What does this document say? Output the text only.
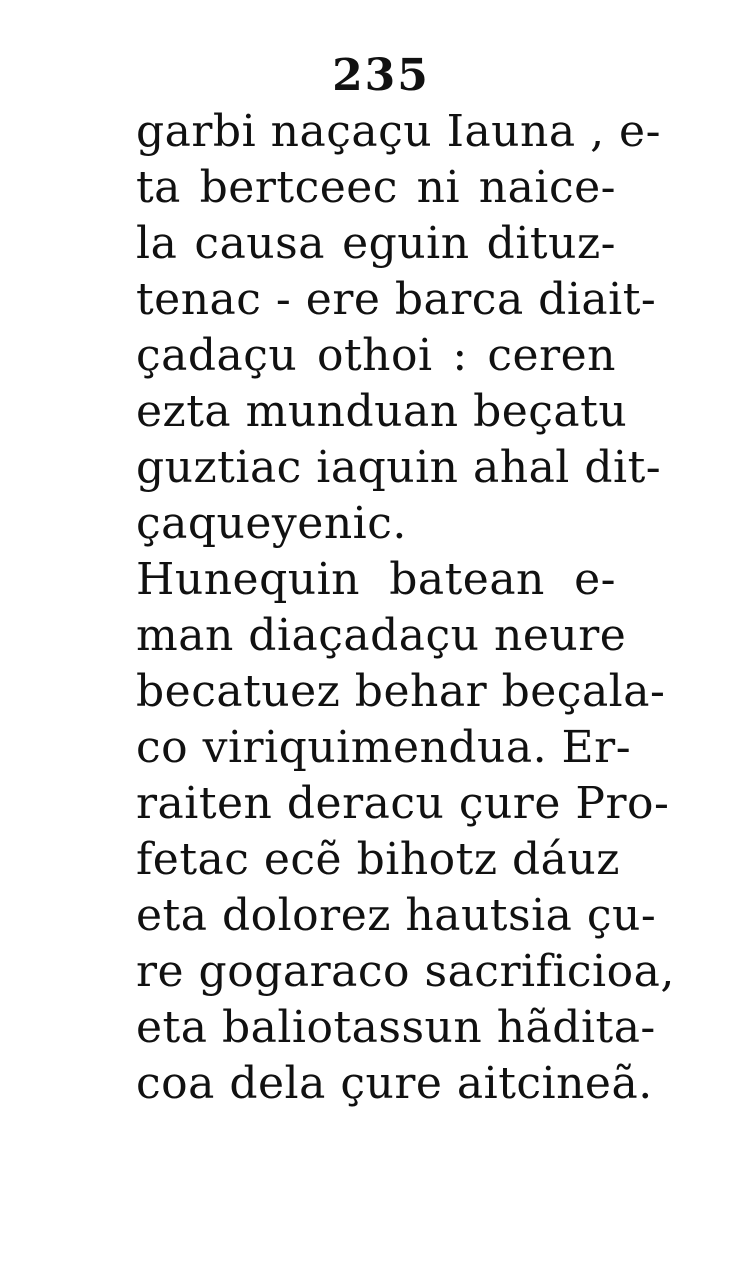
235
garbi naçaçu Iauna , e-
ta bertceec ni naice-
la causa eguin dituz-
tenac - ere barca diait-
çadaçu othoi : ceren
ezta munduan beçatu
guztiac iaquin ahal dit-
çaqueyenic.
Hunequin batean e-
man diaçadaçu neure
becatuez behar beçala-
co viriquimendua. Er-
raiten deracu çure Pro-
fetac ecẽ bihotz dáuz
eta dolorez hautsia çu-
re gogaraco sacrificioa,
eta baliotassun hãdita-
coa dela çure aitcineã.
